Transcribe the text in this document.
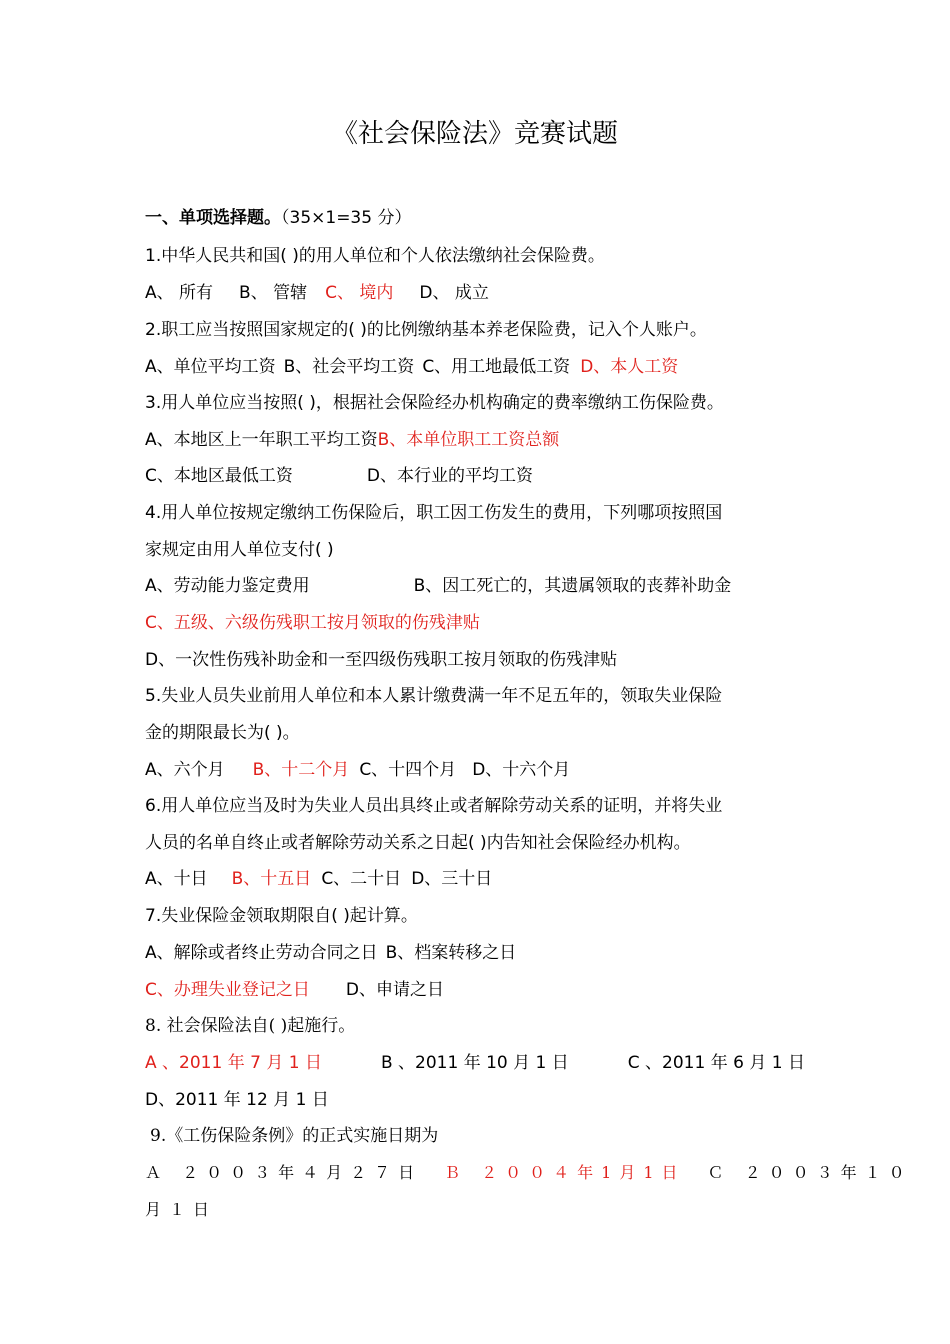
《社会保险法》竞赛试题
一、单项选择题。（35×1=35 分）
1.中华人民共和国( )的用人单位和个人依法缴纳社会保险费。
A、 所有 B、 管辖 C、 境内 D、 成立
2.职工应当按照国家规定的( )的比例缴纳基本养老保险费，记入个人账户。
A、单位平均工资 B、社会平均工资 C、用工地最低工资 D、本人工资
3.用人单位应当按照( )，根据社会保险经办机构确定的费率缴纳工伤保险费。
A、本地区上一年职工平均工资B、本单位职工工资总额
C、本地区最低工资	D、本行业的平均工资
4.用人单位按规定缴纳工伤保险后，职工因工伤发生的费用，下列哪项按照国
家规定由用人单位支付( )
A、劳动能力鉴定费用	B、因工死亡的，其遗属领取的丧葬补助金
C、五级、六级伤残职工按月领取的伤残津贴
D、一次性伤残补助金和一至四级伤残职工按月领取的伤残津贴
5.失业人员失业前用人单位和本人累计缴费满一年不足五年的，领取失业保险
金的期限最长为( )。
A、六个月 B、十二个月 C、十四个月 D、十六个月
6.用人单位应当及时为失业人员出具终止或者解除劳动关系的证明，并将失业
人员的名单自终止或者解除劳动关系之日起( )内告知社会保险经办机构。
A、十日 B、十五日 C、二十日 D、三十日
7.失业保险金领取期限自( )起计算。
A、解除或者终止劳动合同之日 B、档案转移之日
C、办理失业登记之日 D、申请之日
8. 社会保险法自( )起施行。
A 、2011 年 7 月 1 日	B 、2011 年 10 月 1 日	C 、2011 年 6 月 1 日
D、2011 年 12 月 1 日
9.《工伤保险条例》的正式实施日期为
Ａ ２００３年４月２７日 Ｂ ２００４年1月1日 Ｃ ２００３年１０
月１日
